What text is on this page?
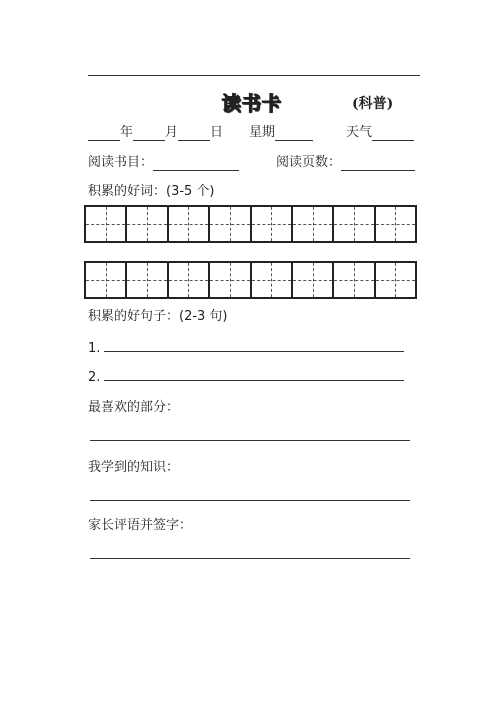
读书卡	(科普)
年 月 日 星期	天气
阅读书目：	阅读页数：
积累的好词：(3-5 个)
积累的好句子：(2-3 句)
1.
2.
最喜欢的部分：
我学到的知识：
家长评语并签字：
